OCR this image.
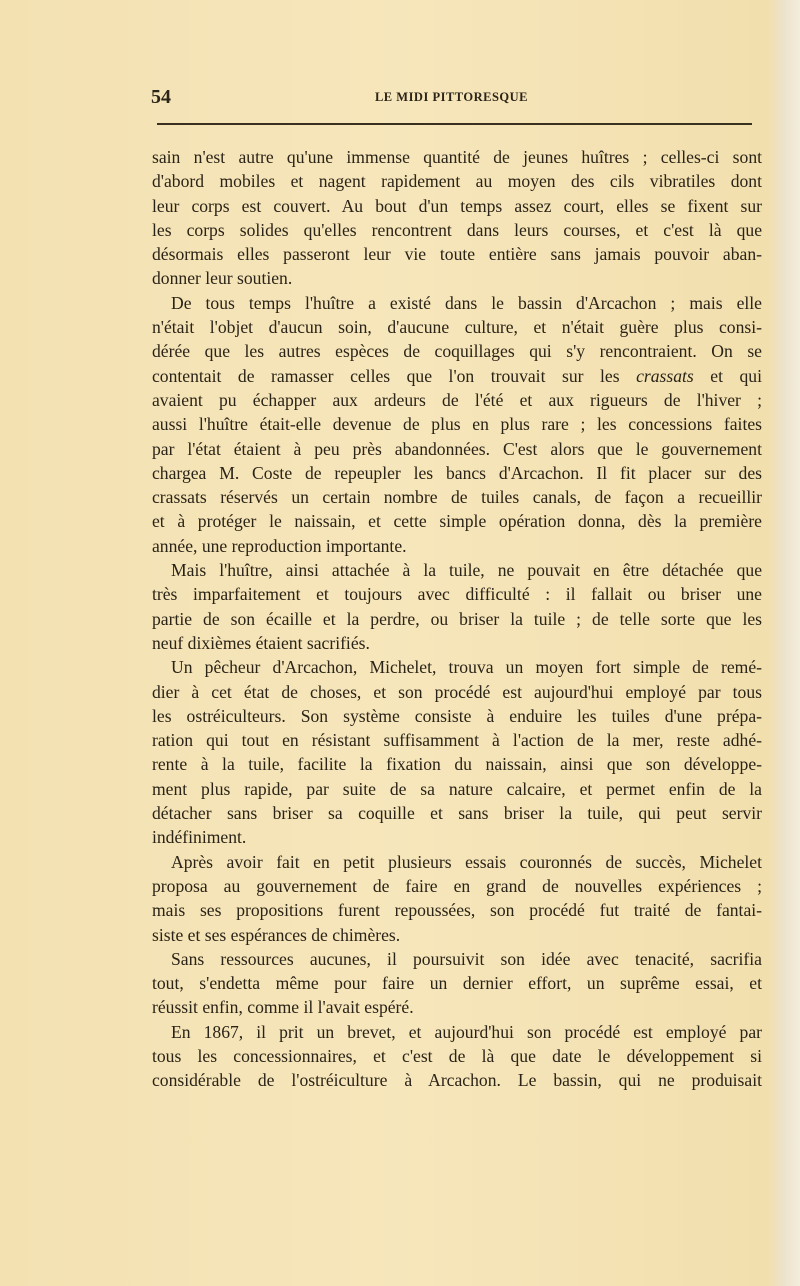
54	LE MIDI PITTORESQUE
sain n'est autre qu'une immense quantité de jeunes huîtres ; celles-ci sont
d'abord mobiles et nagent rapidement au moyen des cils vibratiles dont
leur corps est couvert. Au bout d'un temps assez court, elles se fixent sur
les corps solides qu'elles rencontrent dans leurs courses, et c'est là que
désormais elles passeront leur vie toute entière sans jamais pouvoir aban-
donner leur soutien.
De tous temps l'huître a existé dans le bassin d'Arcachon ; mais elle
n'était l'objet d'aucun soin, d'aucune culture, et n'était guère plus consi-
dérée que les autres espèces de coquillages qui s'y rencontraient. On se
contentait de ramasser celles que l'on trouvait sur les crassats et qui
avaient pu échapper aux ardeurs de l'été et aux rigueurs de l'hiver ;
aussi l'huître était-elle devenue de plus en plus rare ; les concessions faites
par l'état étaient à peu près abandonnées. C'est alors que le gouvernement
chargea M. Coste de repeupler les bancs d'Arcachon. Il fit placer sur des
crassats réservés un certain nombre de tuiles canals, de façon a recueillir
et à protéger le naissain, et cette simple opération donna, dès la première
année, une reproduction importante.
Mais l'huître, ainsi attachée à la tuile, ne pouvait en être détachée que
très imparfaitement et toujours avec difficulté : il fallait ou briser une
partie de son écaille et la perdre, ou briser la tuile ; de telle sorte que les
neuf dixièmes étaient sacrifiés.
Un pêcheur d'Arcachon, Michelet, trouva un moyen fort simple de remé-
dier à cet état de choses, et son procédé est aujourd'hui employé par tous
les ostréiculteurs. Son système consiste à enduire les tuiles d'une prépa-
ration qui tout en résistant suffisamment à l'action de la mer, reste adhé-
rente à la tuile, facilite la fixation du naissain, ainsi que son développe-
ment plus rapide, par suite de sa nature calcaire, et permet enfin de la
détacher sans briser sa coquille et sans briser la tuile, qui peut servir
indéfiniment.
Après avoir fait en petit plusieurs essais couronnés de succès, Michelet
proposa au gouvernement de faire en grand de nouvelles expériences ;
mais ses propositions furent repoussées, son procédé fut traité de fantai-
siste et ses espérances de chimères.
Sans ressources aucunes, il poursuivit son idée avec tenacité, sacrifia
tout, s'endetta même pour faire un dernier effort, un suprême essai, et
réussit enfin, comme il l'avait espéré.
En 1867, il prit un brevet, et aujourd'hui son procédé est employé par
tous les concessionnaires, et c'est de là que date le développement si
considérable de l'ostréiculture à Arcachon. Le bassin, qui ne produisait
